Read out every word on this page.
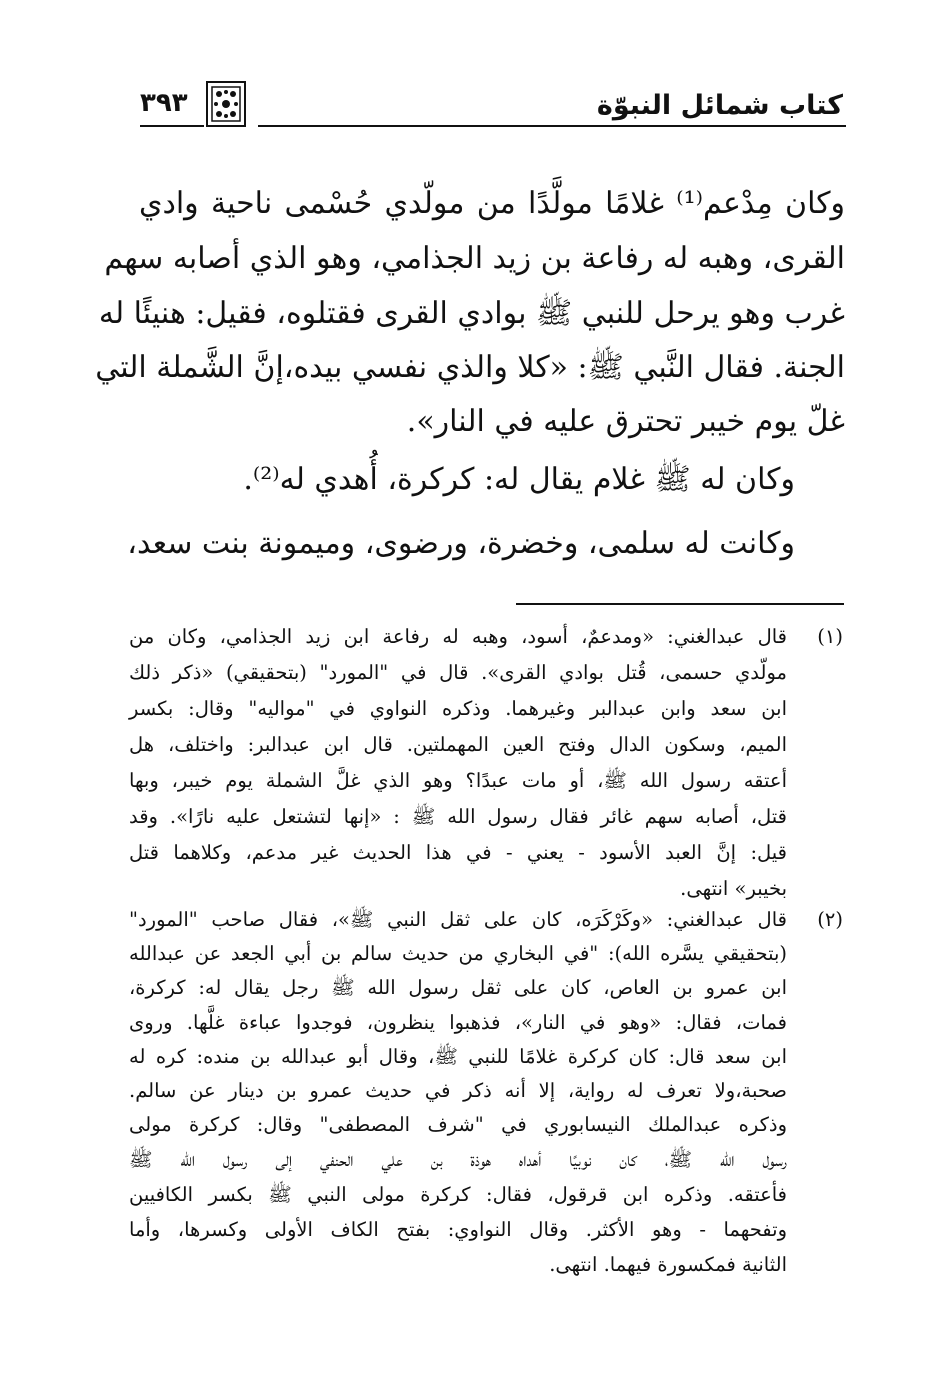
كتاب شمائل النبوّة
٣٩٣
وكان مِدْعم⁽¹⁾ غلامًا مولَّدًا من مولّدي حُسْمى ناحية وادي
القرى، وهبه له رفاعة بن زيد الجذامي، وهو الذي أصابه سهم
غرب وهو يرحل للنبي ﷺ بوادي القرى فقتلوه، فقيل: هنيئًا له
الجنة. فقال النَّبي ﷺ: «كلا والذي نفسي بيده،إنَّ الشَّملة التي
غلّ يوم خيبر تحترق عليه في النار».
وكان له ﷺ غلام يقال له: كركرة، أُهدي له⁽²⁾.
وكانت له سلمى، وخضرة، ورضوى، وميمونة بنت سعد،
(١)
قال عبدالغني: «ومدعمٌ، أسود، وهبه له رفاعة ابن زيد الجذامي، وكان من
مولّدي حسمى، قُتل بوادي القرى». قال في "المورد" (بتحقيقي) «ذكر ذلك
ابن سعد وابن عبدالبر وغيرهما. وذكره النواوي في "مواليه" وقال: بكسر
الميم، وسكون الدال وفتح العين المهملتين. قال ابن عبدالبر: واختلف، هل
أعتقه رسول الله ﷺ، أو مات عبدًا؟ وهو الذي غلَّ الشملة يوم خيبر، وبها
قتل، أصابه سهم غائر فقال رسول الله ﷺ : «إنها لتشتعل عليه نارًا». وقد
قيل: إنَّ العبد الأسود - يعني - في هذا الحديث غير مدعم، وكلاهما قتل
بخيبر» انتهى.
(٢)
قال عبدالغني: «وكَرْكَرَه، كان على ثقل النبي ﷺ»، فقال صاحب "المورد"
(بتحقيقي يسَّره الله): "في البخاري من حديث سالم بن أبي الجعد عن عبدالله
ابن عمرو بن العاص، كان على ثقل رسول الله ﷺ رجل يقال له: كركرة،
فمات، فقال: «وهو في النار»، فذهبوا ينظرون، فوجدوا عباءة غلَّها. وروى
ابن سعد قال: كان كركرة غلامًا للنبي ﷺ، وقال أبو عبدالله بن منده: كره له
صحبة،ولا تعرف له رواية، إلا أنه ذكر في حديث عمرو بن دينار عن سالم.
وذكره عبدالملك النيسابوري في "شرف المصطفى" وقال: كركرة مولى
رسول الله ﷺ، كان نوبيًا أهداه هوذة بن علي الحنفي إلى رسول الله ﷺ
فأعتقه. وذكره ابن قرقول، فقال: كركرة مولى النبي ﷺ بكسر الكافيين
وتفحهما - وهو الأكثر. وقال النواوي: بفتح الكاف الأولى وكسرها، وأما
الثانية فمكسورة فيهما. انتهى.
